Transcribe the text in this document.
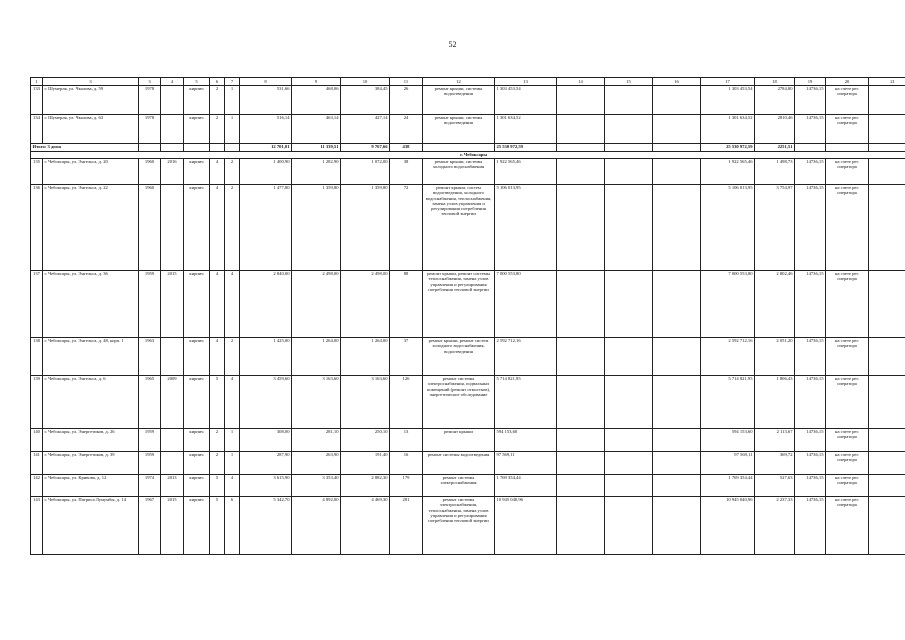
52
1	3	3	4	5	6	7	8	9	10	11	12	13	14	15	16	17	18	19	20	21
133	г. Шумерля, ул. Чкалова, д. 59	1978		кирпич	2	1	531,66	468,06	384,45	26	ремонт крыши, системы водоотведения	1 303 453,54				1 303 453,54	2784,80	14736,15	на счете рег. оператора	
134	г. Шумерля, ул. Чкалова, д. 63	1978		кирпич	2	1	516,14	463,14	427,14	24	ремонт крыши, системы водоотведения	1 301 634,52				1 301 634,52	2810,46	14736,15	на счете рег. оператора	
Итого: 3 дома							12 701,01	11 339,51	9 767,66	438		25 530 972,59				25 530 972,59	2251,51			
г. Чебоксары																				
135	г. Чебоксары, ул. Энгельса, д. 20	1960	2016	кирпич	4	2	1 400,90	1 282,90	1 072,00	38	ремонт крыши, системы холодного водоснабжения	1 922 565,46				1 922 565,46	1 498,73	14736,15	на счете рег. оператора	
136	г. Чебоксары, ул. Энгельса, д. 22	1960		кирпич	4	2	1 477,80	1 359,80	1 359,80	72	ремонт крыши, систем водоотведения, холодного водоснабжения, теплоснабжения, замена узлов управления и регулирования потребления тепловой энергии	5 106 013,95				5 106 013,95	3 754,97	14736,15	на счете рег. оператора	
137	г. Чебоксары, ул. Энгельса, д. 36	1959	2015	кирпич	4	4	2 840,00	2 498,00	2 498,00	88	ремонт крыши, ремонт системы теплоснабжения, замена узлов управления и регулирования потребления тепловой энергии	7 000 553,80				7 000 553,80	2 802,46	14736,15	на счете рег. оператора	
138	г. Чебоксары, ул. Энгельса, д. 48, корп. 1	1963		кирпич	4	2	1 425,00	1 264,00	1 264,00	37	ремонт крыши, ремонт систем холодного водоснабжения, водоотведения	2 592 712,16				2 592 712,16	2 051,20	14736,15	на счете рег. оператора	
139	г. Чебоксары, ул. Энгельса, д. 6	1965	2009	кирпич	5	4	3 459,60	3 163,60	3 163,60	126	ремонт системы электроснабжения, подвальных помещений (ремонт отмостков), энергетическое обследование	5 714 821,95				5 714 821,95	1 806,43	14736,15	на счете рег. оператора	
140	г. Чебоксары, ул. Энергетиков, д. 26	1959		кирпич	2	1	308,00	281,10	250,10	13	ремонт крыши	594 153,60				594 153,60	2 113,67	14736,15	на счете рег. оператора	
141	г. Чебоксары, ул. Энергетиков, д. 39	1959		кирпич	2	1	287,90	263,90	191,40	16	ремонт системы водоотведения	97 569,11				97 569,11	369,72	14736,15	на счете рег. оператора	
142	г. Чебоксары, ул. Кривова, д. 12	1974	2013	кирпич	5	4	3 615,90	3 353,40	2 882,30	179	ремонт системы электроснабжения	1 769 354,44				1 769 354,44	527,63	14736,15	на счете рег. оператора	
143	г. Чебоксары, ул. Патриса Лумумбы, д. 14	1967	2015	кирпич	5	6	5 342,70	4 892,00	4 469,30	281	ремонт системы электроснабжения, теплоснабжения, замена узлов управления и регулирования потребления тепловой энергии	10 945 040,96				10 945 040,96	2 237,33	14736,15	на счете рег. оператора	
